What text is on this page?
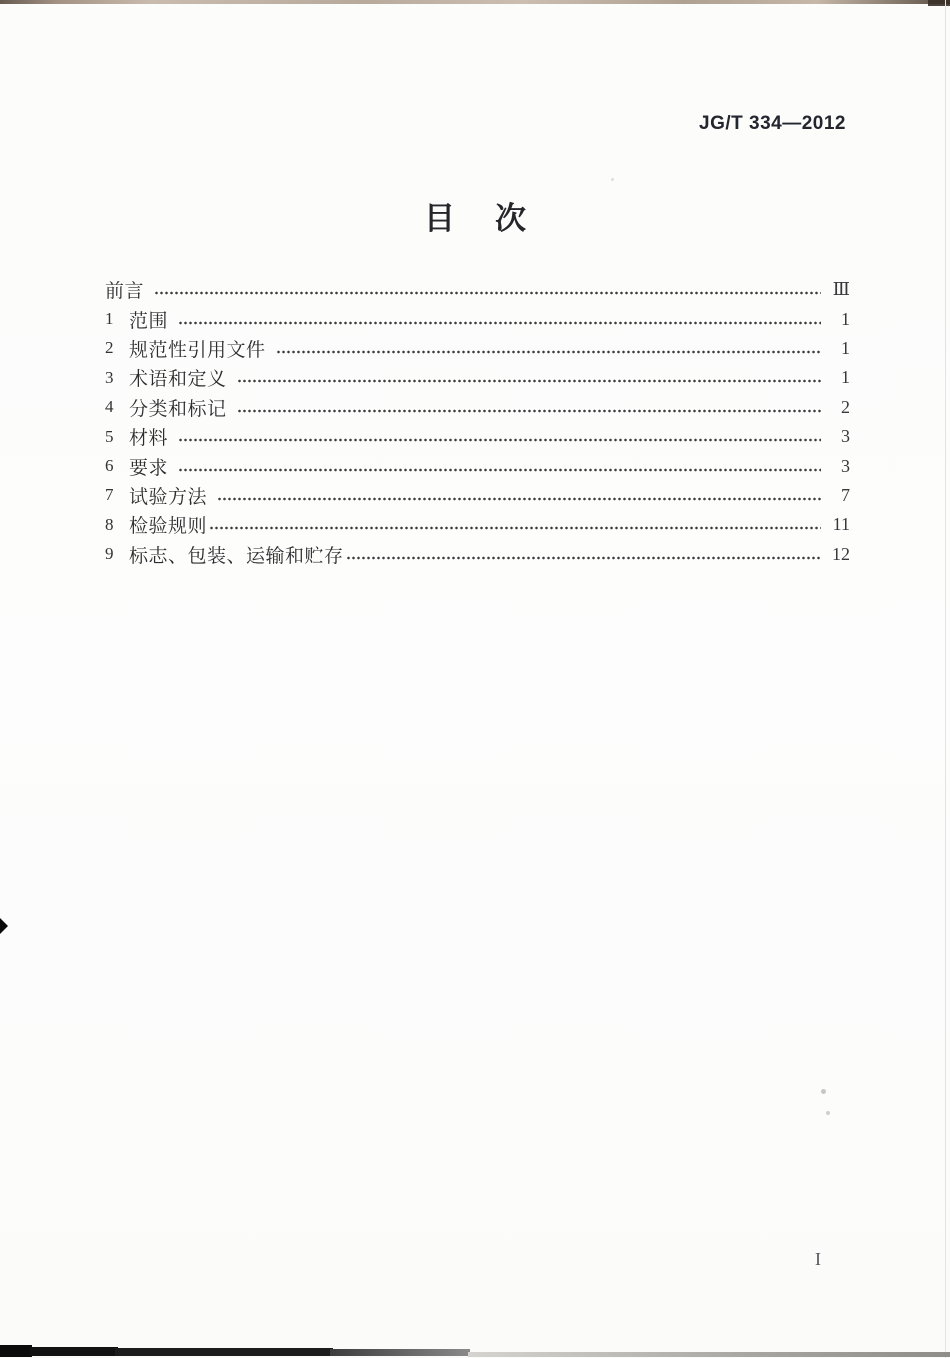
JG/T 334—2012
目 次
前言	Ⅲ
1 范围	1
2 规范性引用文件	1
3 术语和定义	1
4 分类和标记	2
5 材料	3
6 要求	3
7 试验方法	7
8 检验规则	11
9 标志、包装、运输和贮存	12
I
